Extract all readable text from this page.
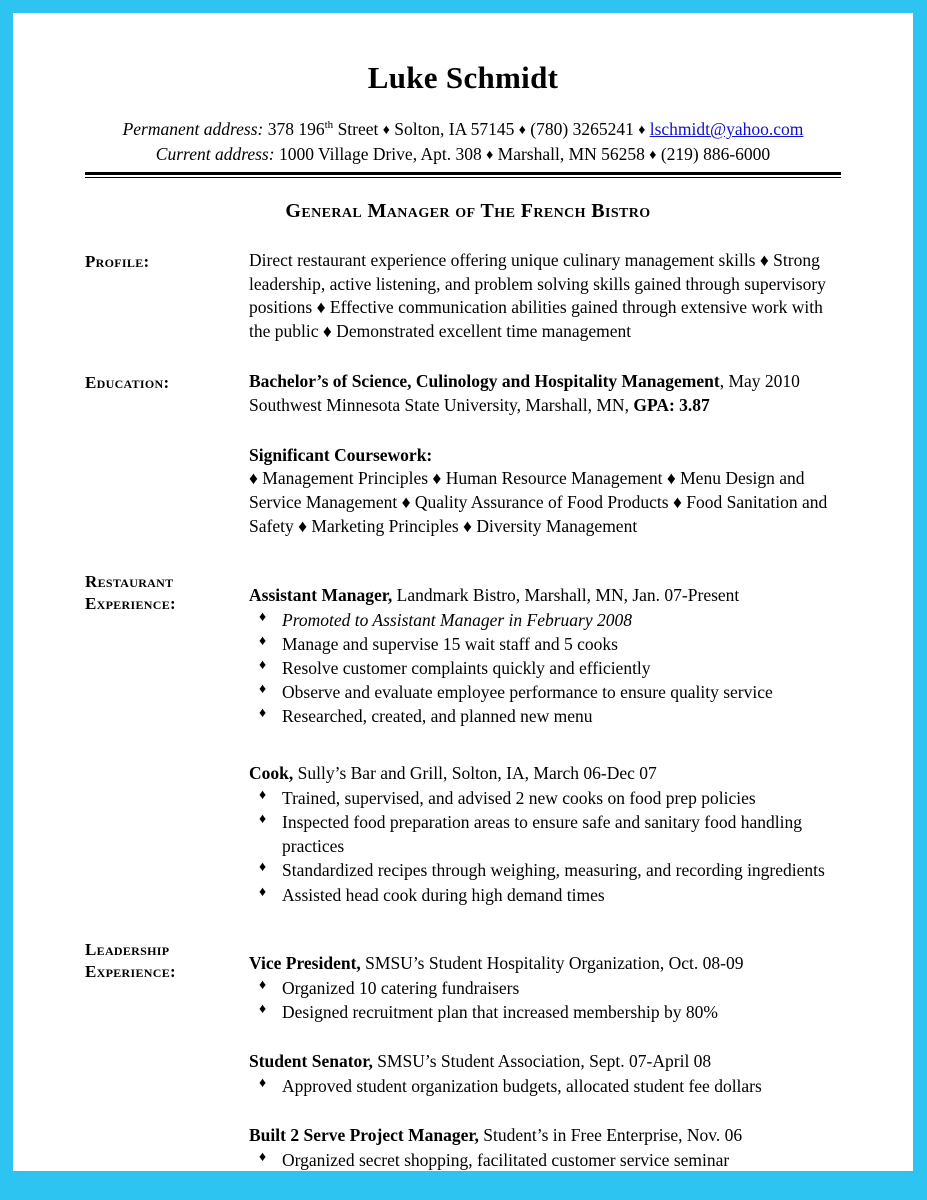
Luke Schmidt
Permanent address: 378 196th Street ♦ Solton, IA 57145 ♦ (780) 3265241 ♦ lschmidt@yahoo.com
Current address: 1000 Village Drive, Apt. 308 ♦ Marshall, MN 56258 ♦ (219) 886-6000
General Manager of The French Bistro
Profile:	Direct restaurant experience offering unique culinary management skills ♦ Strong leadership, active listening, and problem solving skills gained through supervisory positions ♦ Effective communication abilities gained through extensive work with the public ♦ Demonstrated excellent time management

Education:	Bachelor’s of Science, Culinology and Hospitality Management, May 2010

Southwest Minnesota State University, Marshall, MN, GPA: 3.87

Significant Coursework:

♦ Management Principles ♦ Human Resource Management ♦ Menu Design and Service Management ♦ Quality Assurance of Food Products ♦ Food Sanitation and Safety ♦ Marketing Principles ♦ Diversity Management

Restaurant
Experience:	Assistant Manager, Landmark Bistro, Marshall, MN, Jan. 07-Present

♦ Promoted to Assistant Manager in February 2008
♦ Manage and supervise 15 wait staff and 5 cooks
♦ Resolve customer complaints quickly and efficiently
♦ Observe and evaluate employee performance to ensure quality service
♦ Researched, created, and planned new menu

Cook, Sully’s Bar and Grill, Solton, IA, March 06-Dec 07

♦ Trained, supervised, and advised 2 new cooks on food prep policies
♦ Inspected food preparation areas to ensure safe and sanitary food handling practices
♦ Standardized recipes through weighing, measuring, and recording ingredients
♦ Assisted head cook during high demand times
Leadership
Experience:	Vice President, SMSU’s Student Hospitality Organization, Oct. 08-09

♦ Organized 10 catering fundraisers
♦ Designed recruitment plan that increased membership by 80%

Student Senator, SMSU’s Student Association, Sept. 07-April 08

♦ Approved student organization budgets, allocated student fee dollars

Built 2 Serve Project Manager, Student’s in Free Enterprise, Nov. 06

♦ Organized secret shopping, facilitated customer service seminar
